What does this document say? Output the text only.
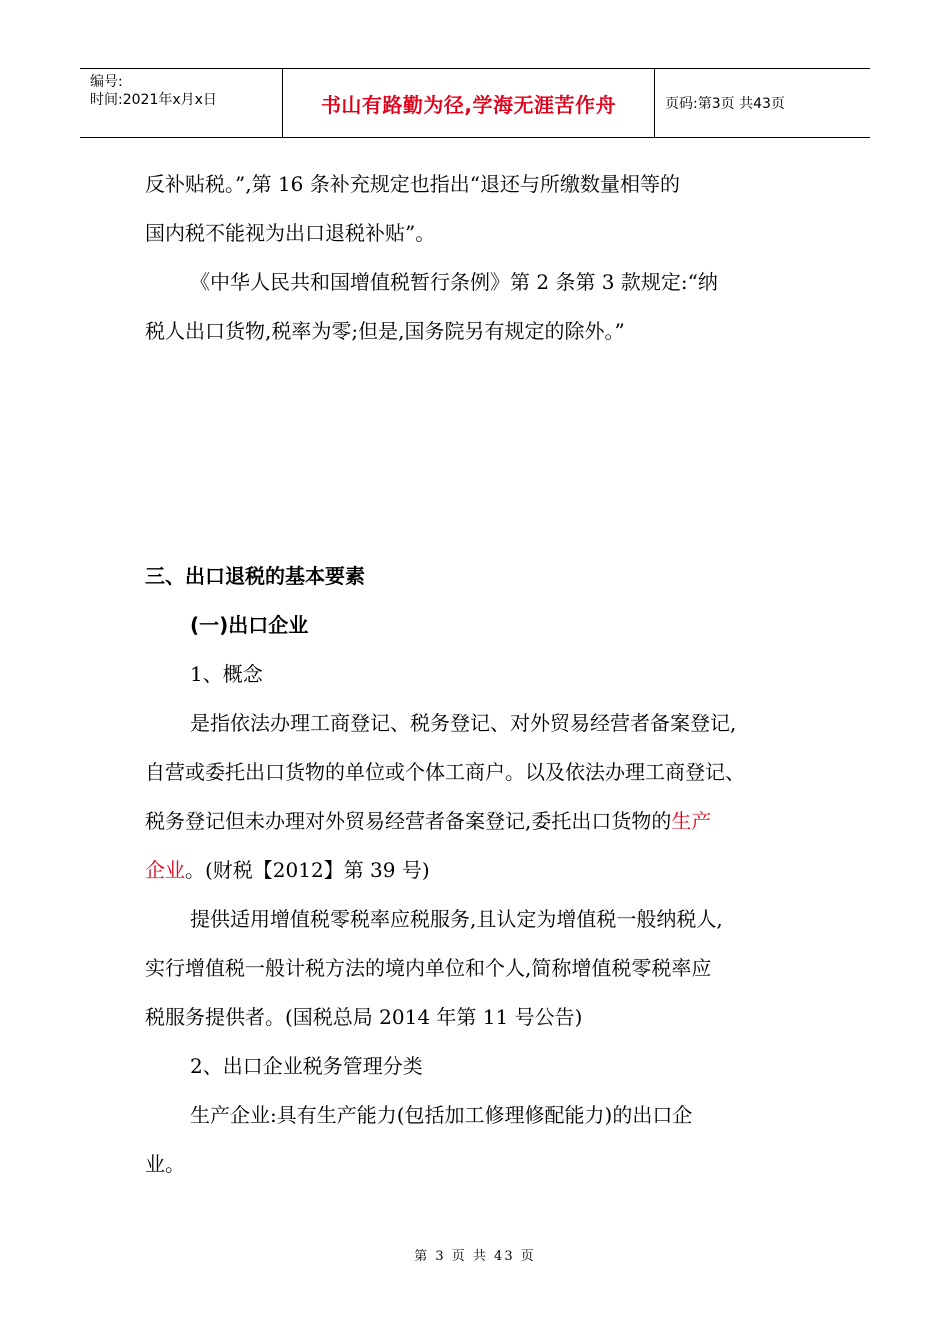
编号:
时间:2021年x月x日	书山有路勤为径,学海无涯苦作舟	页码:第3页 共43页

反补贴税。”,第 16 条补充规定也指出“退还与所缴数量相等的

国内税不能视为出口退税补贴”。

《中华人民共和国增值税暂行条例》第 2 条第 3 款规定:“纳

税人出口货物,税率为零;但是,国务院另有规定的除外。”

三、出口退税的基本要素

(一)出口企业

1、概念

是指依法办理工商登记、税务登记、对外贸易经营者备案登记,

自营或委托出口货物的单位或个体工商户。以及依法办理工商登记、

税务登记但未办理对外贸易经营者备案登记,委托出口货物的生产

企业。(财税【2012】第 39 号)

提供适用增值税零税率应税服务,且认定为增值税一般纳税人,

实行增值税一般计税方法的境内单位和个人,简称增值税零税率应

税服务提供者。(国税总局 2014 年第 11 号公告)

2、出口企业税务管理分类

生产企业:具有生产能力(包括加工修理修配能力)的出口企

业。

第 3 页 共 43 页
